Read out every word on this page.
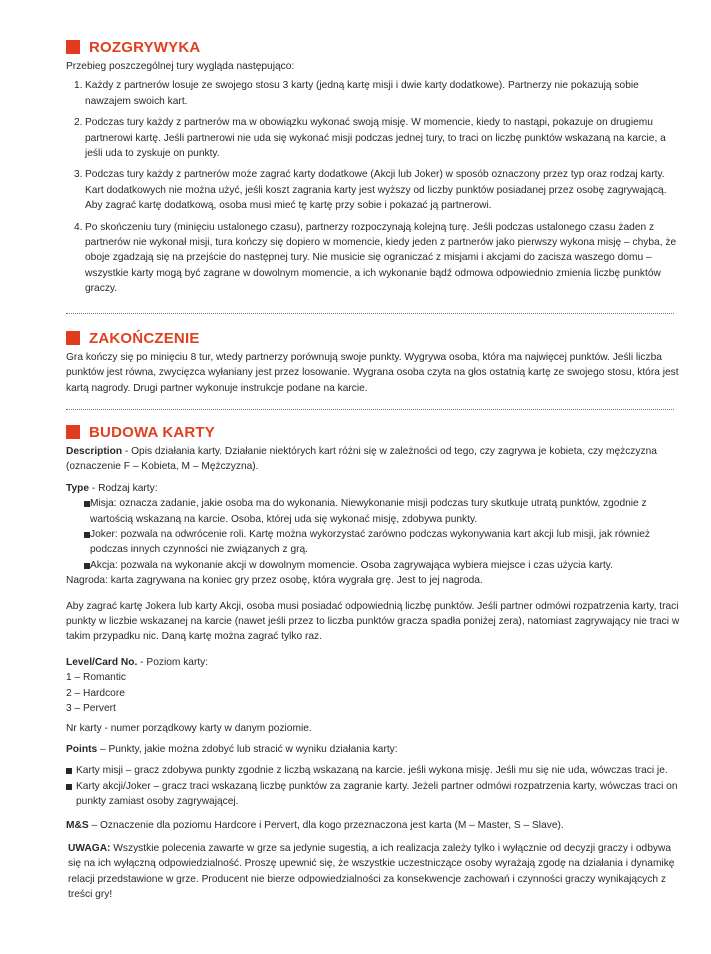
ROZGRYWYKA

Przebieg poszczególnej tury wygląda następująco:

1. Każdy z partnerów losuje ze swojego stosu 3 karty (jedną kartę misji i dwie karty dodatkowe). Partnerzy nie pokazują sobie nawzajem swoich kart.
2. Podczas tury każdy z partnerów ma w obowiązku wykonać swoją misję. W momencie, kiedy to nastąpi, pokazuje on drugiemu partnerowi kartę. Jeśli partnerowi nie uda się wykonać misji podczas jednej tury, to traci on liczbę punktów wskazaną na karcie, a jeśli uda to zyskuje on punkty.
3. Podczas tury każdy z partnerów może zagrać karty dodatkowe (Akcji lub Joker) w sposób oznaczony przez typ oraz rodzaj karty. Kart dodatkowych nie można użyć, jeśli koszt zagrania karty jest wyższy od liczby punktów posiadanej przez osobę zagrywającą. Aby zagrać kartę dodatkową, osoba musi mieć tę kartę przy sobie i pokazać ją partnerowi.
4. Po skończeniu tury (minięciu ustalonego czasu), partnerzy rozpoczynają kolejną turę. Jeśli podczas ustalonego czasu żaden z partnerów nie wykonał misji, tura kończy się dopiero w momencie, kiedy jeden z partnerów jako pierwszy wykona misję – chyba, że oboje zgadzają się na przejście do następnej tury. Nie musicie się ograniczać z misjami i akcjami do zacisza waszego domu – wszystkie karty mogą być zagrane w dowolnym momencie, a ich wykonanie bądź odmowa odpowiednio zmienia liczbę punktów graczy.
ZAKOŃCZENIE

Gra kończy się po minięciu 8 tur, wtedy partnerzy porównują swoje punkty. Wygrywa osoba, która ma najwięcej punktów. Jeśli liczba punktów jest równa, zwycięzca wyłaniany jest przez losowanie. Wygrana osoba czyta na głos ostatnią kartę ze swojego stosu, która jest kartą nagrody. Drugi partner wykonuje instrukcje podane na karcie.

BUDOWA KARTY

Description - Opis działania karty. Działanie niektórych kart różni się w zależności od tego, czy zagrywa je kobieta, czy mężczyzna (oznaczenie F – Kobieta, M – Mężczyzna).

Type - Rodzaj karty:

Misja: oznacza zadanie, jakie osoba ma do wykonania. Niewykonanie misji podczas tury skutkuje utratą punktów, zgodnie z wartością wskazaną na karcie. Osoba, której uda się wykonać misję, zdobywa punkty.
Joker: pozwala na odwrócenie roli. Kartę można wykorzystać zarówno podczas wykonywania kart akcji lub misji, jak również podczas innych czynności nie związanych z grą.
Akcja: pozwala na wykonanie akcji w dowolnym momencie. Osoba zagrywająca wybiera miejsce i czas użycia karty.

Nagroda: karta zagrywana na koniec gry przez osobę, która wygrała grę. Jest to jej nagroda.

Aby zagrać kartę Jokera lub karty Akcji, osoba musi posiadać odpowiednią liczbę punktów. Jeśli partner odmówi rozpatrzenia karty, traci punkty w liczbie wskazanej na karcie (nawet jeśli przez to liczba punktów gracza spadła poniżej zera), natomiast zagrywający nie traci w takim przypadku nic. Daną kartę można zagrać tylko raz.

Level/Card No. - Poziom karty:

1 – Romantic

2 – Hardcore

3 – Pervert

Nr karty - numer porządkowy karty w danym poziomie.

Points – Punkty, jakie można zdobyć lub stracić w wyniku działania karty:

Karty misji – gracz zdobywa punkty zgodnie z liczbą wskazaną na karcie. jeśli wykona misję. Jeśli mu się nie uda, wówczas traci je.
Karty akcji/Joker – gracz traci wskazaną liczbę punktów za zagranie karty. Jeżeli partner odmówi rozpatrzenia karty, wówczas traci on punkty zamiast osoby zagrywającej.

M&S – Oznaczenie dla poziomu Hardcore i Pervert, dla kogo przeznaczona jest karta (M – Master, S – Slave).

UWAGA: Wszystkie polecenia zawarte w grze sa jedynie sugestią, a ich realizacja zależy tylko i wyłącznie od decyzji graczy i odbywa się na ich wyłączną odpowiedzialność. Proszę upewnić się, że wszystkie uczestniczące osoby wyrażają zgodę na działania i dynamikę relacji przedstawione w grze. Producent nie bierze odpowiedzialności za konsekwencje zachowań i czynności graczy wynikających z treści gry!
